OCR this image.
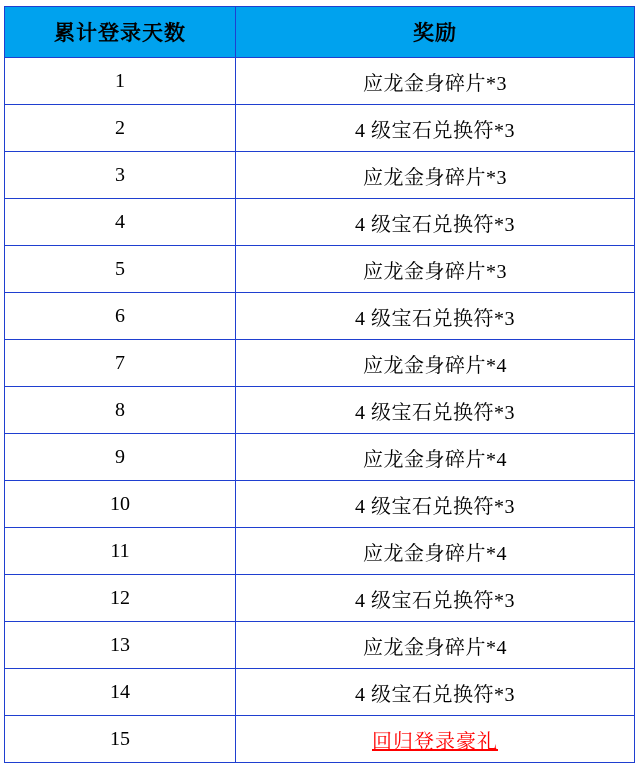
累计登录天数	奖励
1	应龙金身碎片*3
2	4 级宝石兑换符*3
3	应龙金身碎片*3
4	4 级宝石兑换符*3
5	应龙金身碎片*3
6	4 级宝石兑换符*3
7	应龙金身碎片*4
8	4 级宝石兑换符*3
9	应龙金身碎片*4
10	4 级宝石兑换符*3
11	应龙金身碎片*4
12	4 级宝石兑换符*3
13	应龙金身碎片*4
14	4 级宝石兑换符*3
15	回归登录豪礼
